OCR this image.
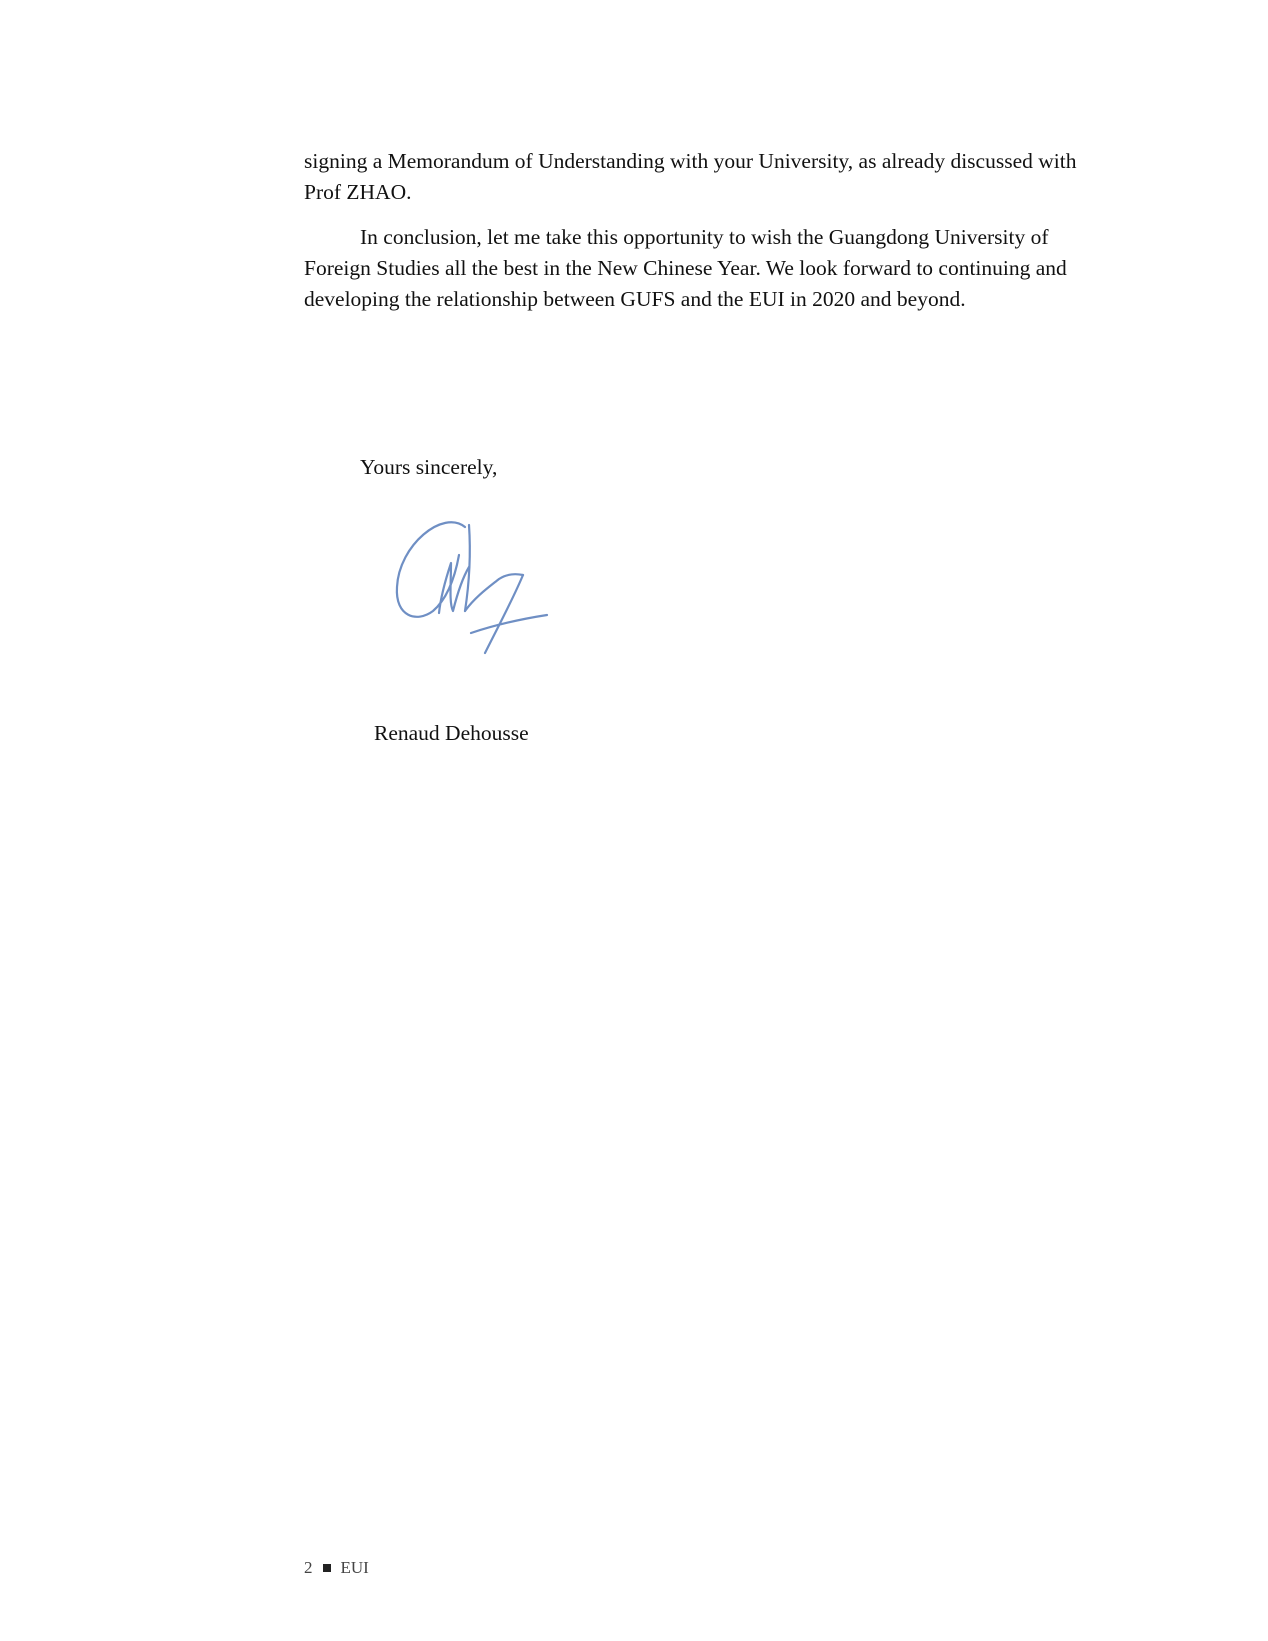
signing a Memorandum of Understanding with your University, as already discussed with Prof ZHAO.

In conclusion, let me take this opportunity to wish the Guangdong University of Foreign Studies all the best in the New Chinese Year. We look forward to continuing and developing the relationship between GUFS and the EUI in 2020 and beyond.

Yours sincerely,

Renaud Dehousse

2 EUI
